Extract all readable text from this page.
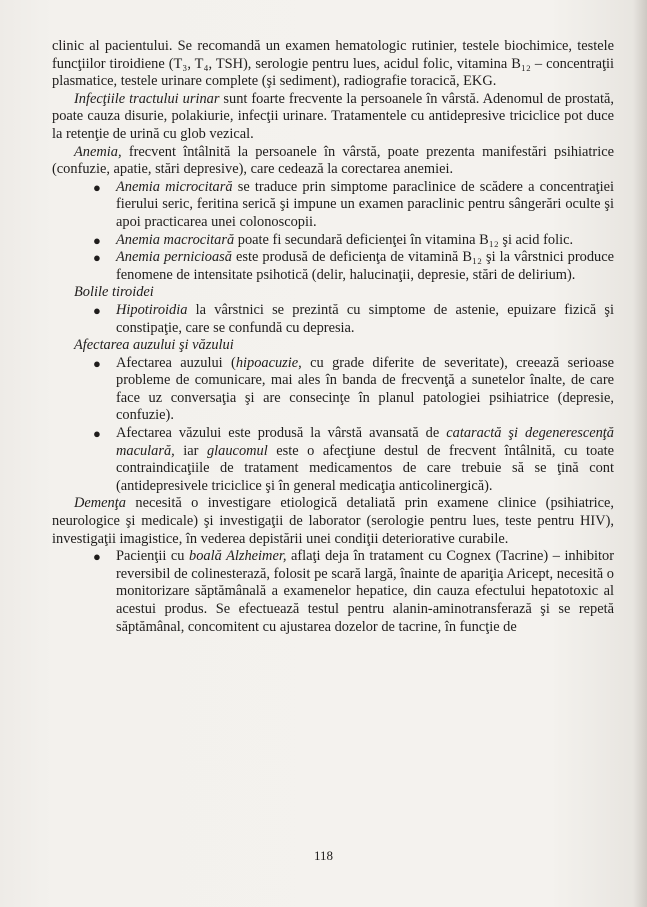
clinic al pacientului. Se recomandă un examen hematologic rutinier, testele biochimice, testele funcţiilor tiroidiene (T₃, T₄, TSH), serologie pentru lues, acidul folic, vitamina B₁₂ – concentraţii plasmatice, testele urinare complete (şi sediment), radiografie toracică, EKG.

Infecţiile tractului urinar sunt foarte frecvente la persoanele în vârstă. Adenomul de prostată, poate cauza disurie, polakiurie, infecţii urinare. Tratamentele cu antidepresive triciclice pot duce la retenţie de urină cu glob vezical.

Anemia, frecvent întâlnită la persoanele în vârstă, poate prezenta manifestări psihiatrice (confuzie, apatie, stări depresive), care cedează la corectarea anemiei.

● Anemia microcitară se traduce prin simptome paraclinice de scădere a concentraţiei fierului seric, feritina serică şi impune un examen paraclinic pentru sângerări oculte şi apoi practicarea unei colonoscopii.
● Anemia macrocitară poate fi secundară deficienţei în vitamina B₁₂ şi acid folic.
● Anemia pernicioasă este produsă de deficienţa de vitamină B₁₂ şi la vârstnici produce fenomene de intensitate psihotică (delir, halucinaţii, depresie, stări de delirium).

Bolile tiroidei

● Hipotiroidia la vârstnici se prezintă cu simptome de astenie, epuizare fizică şi constipaţie, care se confundă cu depresia.

Afectarea auzului şi văzului

● Afectarea auzului (hipoacuzie, cu grade diferite de severitate), creează serioase probleme de comunicare, mai ales în banda de frecvenţă a sunetelor înalte, de care face uz conversaţia şi are consecinţe în planul patologiei psihiatrice (depresie, confuzie).
● Afectarea văzului este produsă la vârstă avansată de cataractă şi degenerescenţă maculară, iar glaucomul este o afecţiune destul de frecvent întâlnită, cu toate contraindicaţiile de tratament medicamentos de care trebuie să se ţină cont (antidepresivele triciclice şi în general medicaţia anticolinergică).

Demenţa necesită o investigare etiologică detaliată prin examene clinice (psihiatrice, neurologice şi medicale) şi investigaţii de laborator (serologie pentru lues, teste pentru HIV), investigaţii imagistice, în vederea depistării unei condiţii deteriorative curabile.

● Pacienţii cu boală Alzheimer, aflaţi deja în tratament cu Cognex (Tacrine) – inhibitor reversibil de colinesterază, folosit pe scară largă, înainte de apariţia Aricept, necesită o monitorizare săptămânală a examenelor hepatice, din cauza efectului hepatotoxic al acestui produs. Se efectuează testul pentru alanin-aminotransferază şi se repetă săptămânal, concomitent cu ajustarea dozelor de tacrine, în funcţie de
118
